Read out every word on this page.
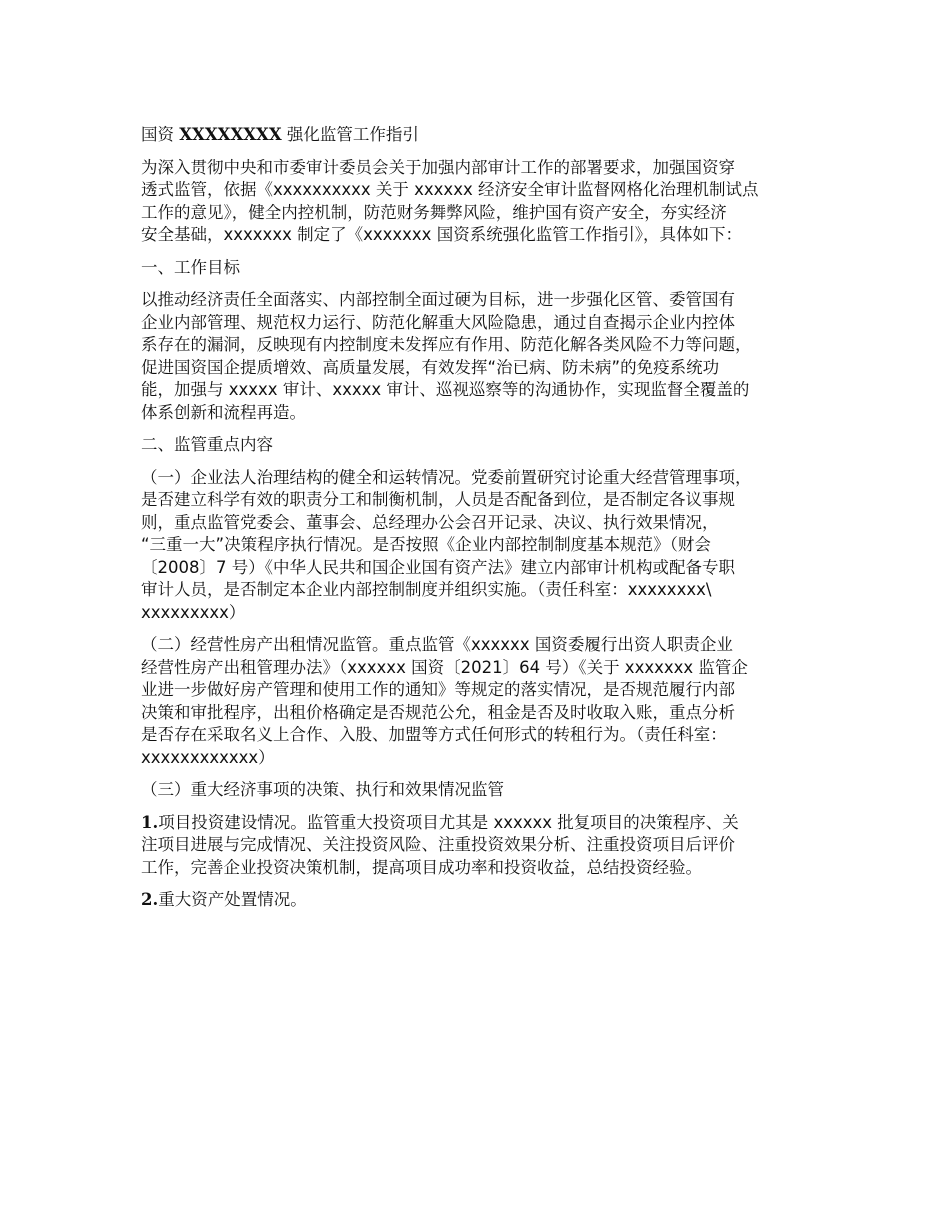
国资 XXXXXXXX 强化监管工作指引

为深入贯彻中央和市委审计委员会关于加强内部审计工作的部署要求，加强国资穿
透式监管，依据《xxxxxxxxxx 关于 xxxxxx 经济安全审计监督网格化治理机制试点
工作的意见》，健全内控机制，防范财务舞弊风险，维护国有资产安全，夯实经济
安全基础，xxxxxxx 制定了《xxxxxxx 国资系统强化监管工作指引》，具体如下：

一、工作目标

以推动经济责任全面落实、内部控制全面过硬为目标，进一步强化区管、委管国有
企业内部管理、规范权力运行、防范化解重大风险隐患，通过自查揭示企业内控体
系存在的漏洞，反映现有内控制度未发挥应有作用、防范化解各类风险不力等问题，
促进国资国企提质增效、高质量发展，有效发挥“治已病、防未病”的免疫系统功
能，加强与 xxxxx 审计、xxxxx 审计、巡视巡察等的沟通协作，实现监督全覆盖的
体系创新和流程再造。

二、监管重点内容

（一）企业法人治理结构的健全和运转情况。党委前置研究讨论重大经营管理事项，
是否建立科学有效的职责分工和制衡机制，人员是否配备到位，是否制定各议事规
则，重点监管党委会、董事会、总经理办公会召开记录、决议、执行效果情况，
“三重一大”决策程序执行情况。是否按照《企业内部控制制度基本规范》（财会
〔2008〕7 号）《中华人民共和国企业国有资产法》建立内部审计机构或配备专职
审计人员，是否制定本企业内部控制制度并组织实施。（责任科室：xxxxxxxx\
xxxxxxxxx）

（二）经营性房产出租情况监管。重点监管《xxxxxx 国资委履行出资人职责企业
经营性房产出租管理办法》（xxxxxx 国资〔2021〕64 号）《关于 xxxxxxx 监管企
业进一步做好房产管理和使用工作的通知》等规定的落实情况，是否规范履行内部
决策和审批程序，出租价格确定是否规范公允，租金是否及时收取入账，重点分析
是否存在采取名义上合作、入股、加盟等方式任何形式的转租行为。（责任科室：
xxxxxxxxxxxx）

（三）重大经济事项的决策、执行和效果情况监管

1.项目投资建设情况。监管重大投资项目尤其是 xxxxxx 批复项目的决策程序、关
注项目进展与完成情况、关注投资风险、注重投资效果分析、注重投资项目后评价
工作，完善企业投资决策机制，提高项目成功率和投资收益，总结投资经验。

2.重大资产处置情况。
